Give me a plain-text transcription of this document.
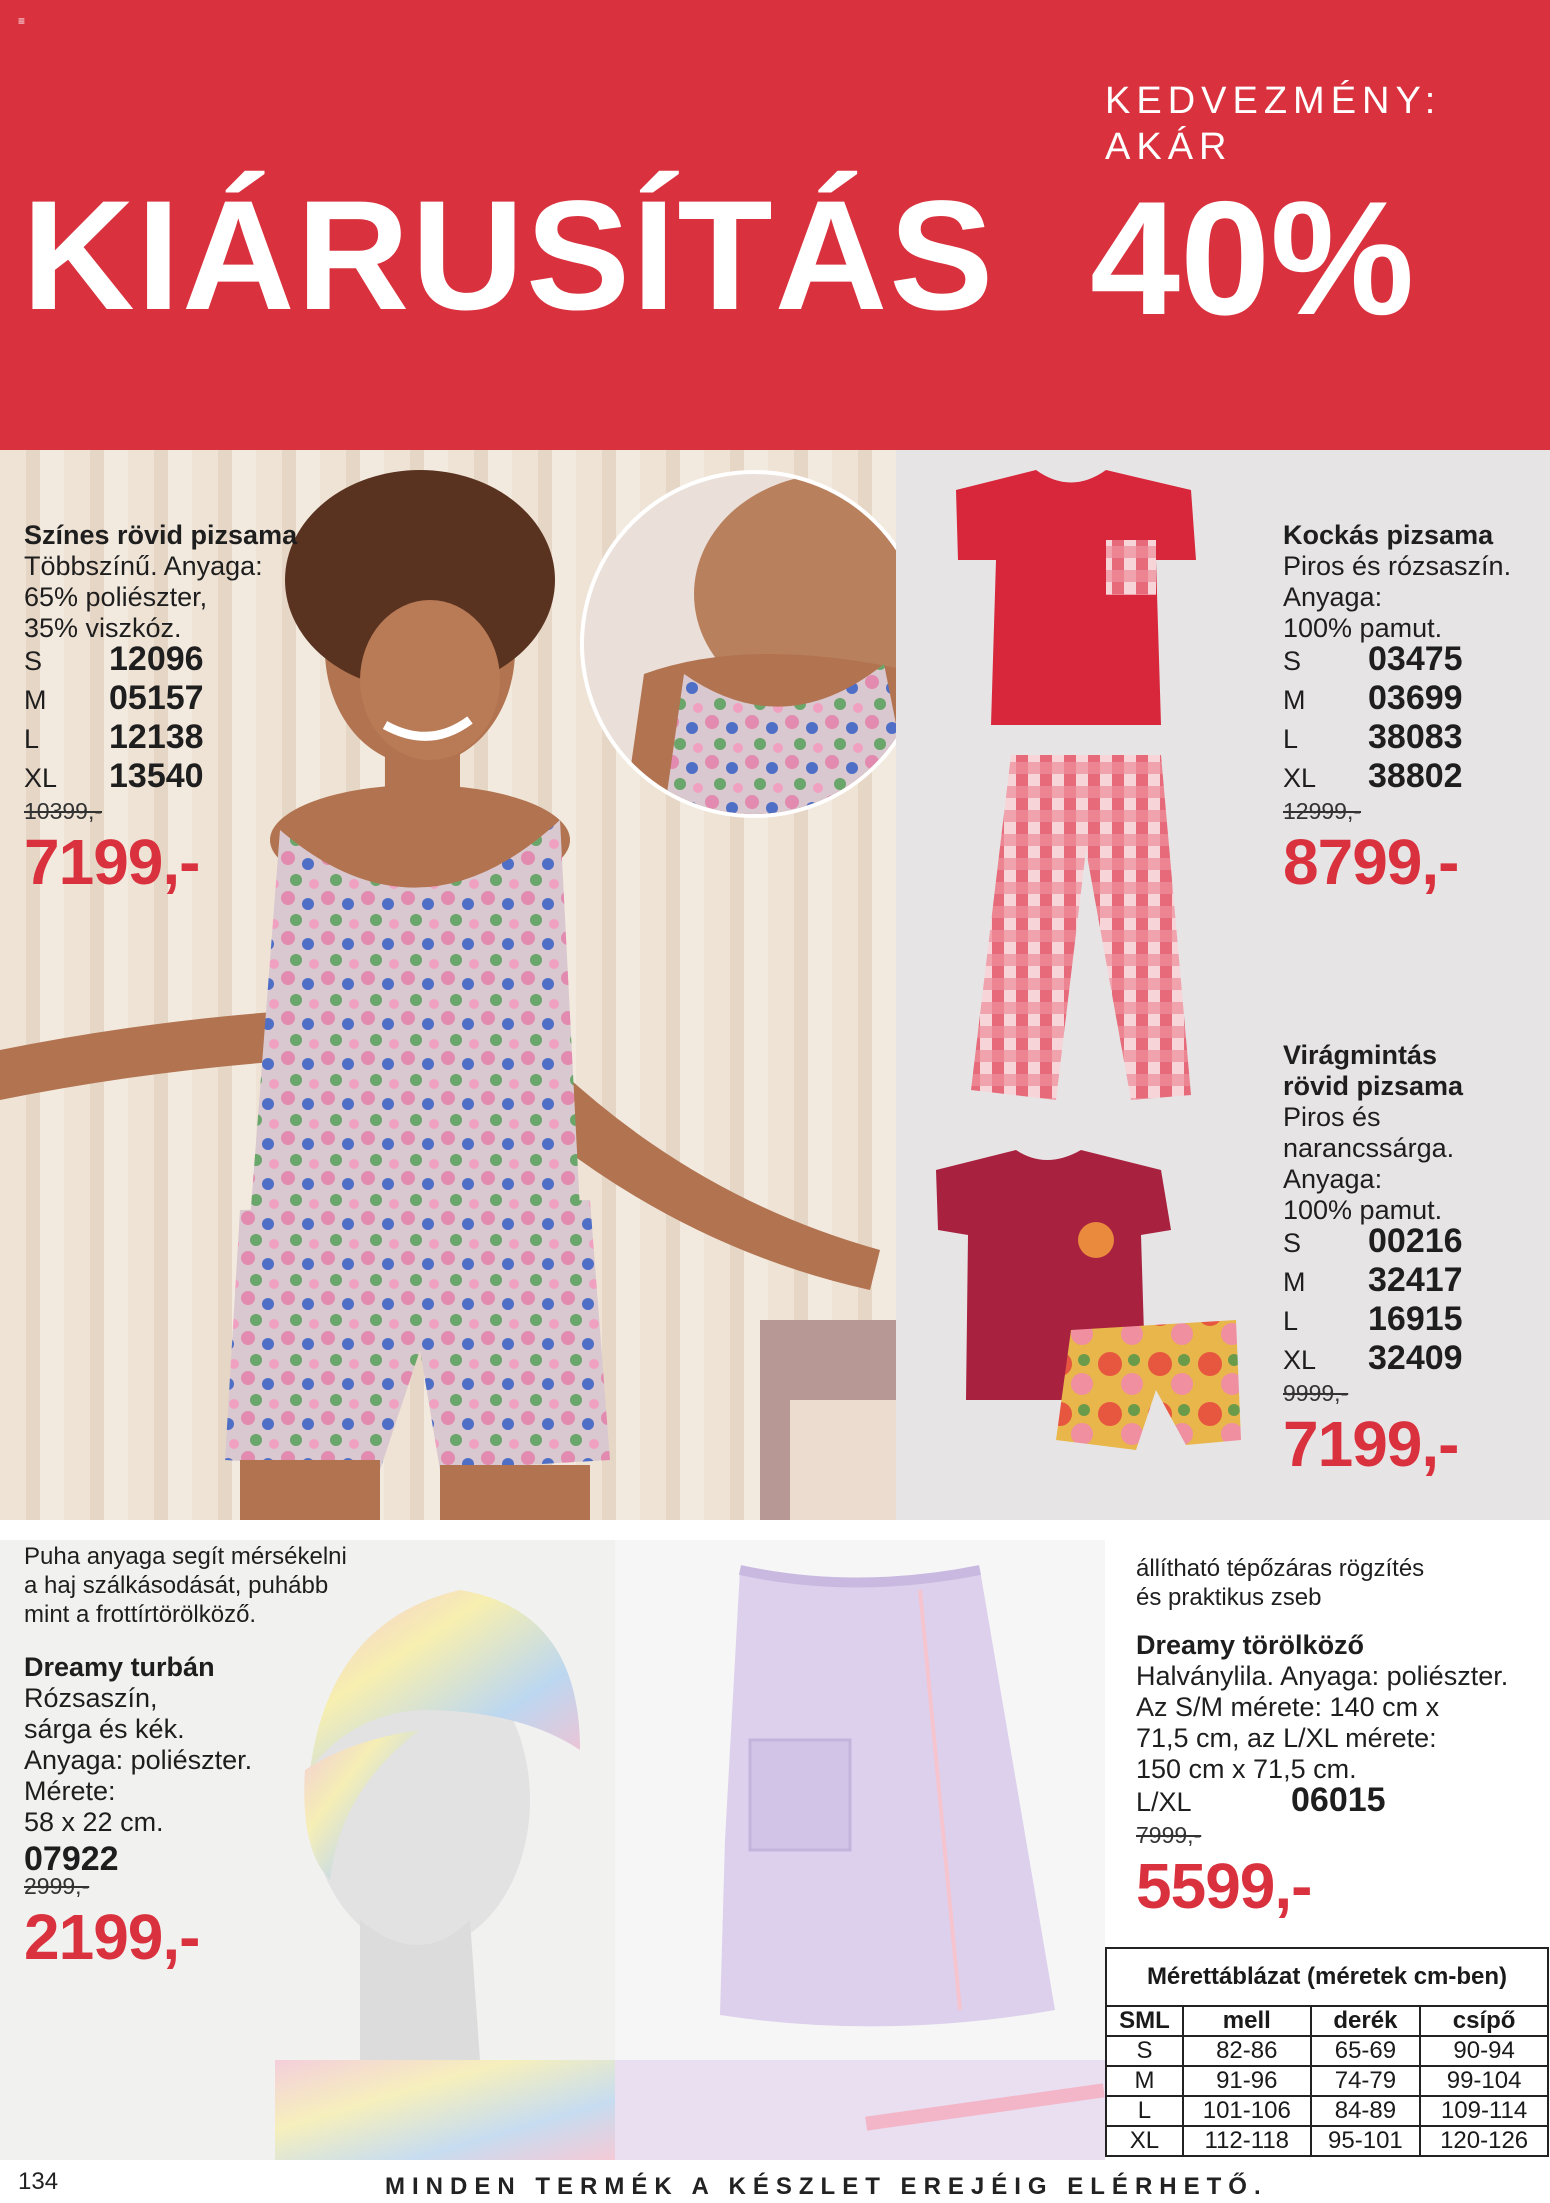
≡
KIÁRUSÍTÁS
KEDVEZMÉNY:
AKÁR
40%
Színes rövid pizsama
Többszínű. Anyaga:
65% poliészter,
35% viszkóz.
S	12096
M	05157
L	12138
XL	13540
10399,-
7199,-
Kockás pizsama
Piros és rózsaszín.
Anyaga:
100% pamut.
S	03475
M	03699
L	38083
XL	38802
12999,-
8799,-
Virágmintás
rövid pizsama
Piros és
narancssárga.
Anyaga:
100% pamut.
S	00216
M	32417
L	16915
XL	32409
9999,-
7199,-
Puha anyaga segít mérsékelni
a haj szálkásodását, puhább
mint a frottírtörölköző.
Dreamy turbán
Rózsaszín,
sárga és kék.
Anyaga: poliészter.
Mérete:
58 x 22 cm.
07922
2999,-
2199,-
állítható tépőzáras rögzítés
és praktikus zseb
Dreamy törölköző
Halványlila. Anyaga: poliészter.
Az S/M mérete: 140 cm x
71,5 cm, az L/XL mérete:
150 cm x 71,5 cm.
L/XL	06015
7999,-
5599,-
Mérettáblázat (méretek cm-ben)			
SML	mell	derék	csípő
S	82-86	65-69	90-94
M	91-96	74-79	99-104
L	101-106	84-89	109-114
XL	112-118	95-101	120-126
134	MINDEN TERMÉK A KÉSZLET EREJÉIG ELÉRHETŐ.
